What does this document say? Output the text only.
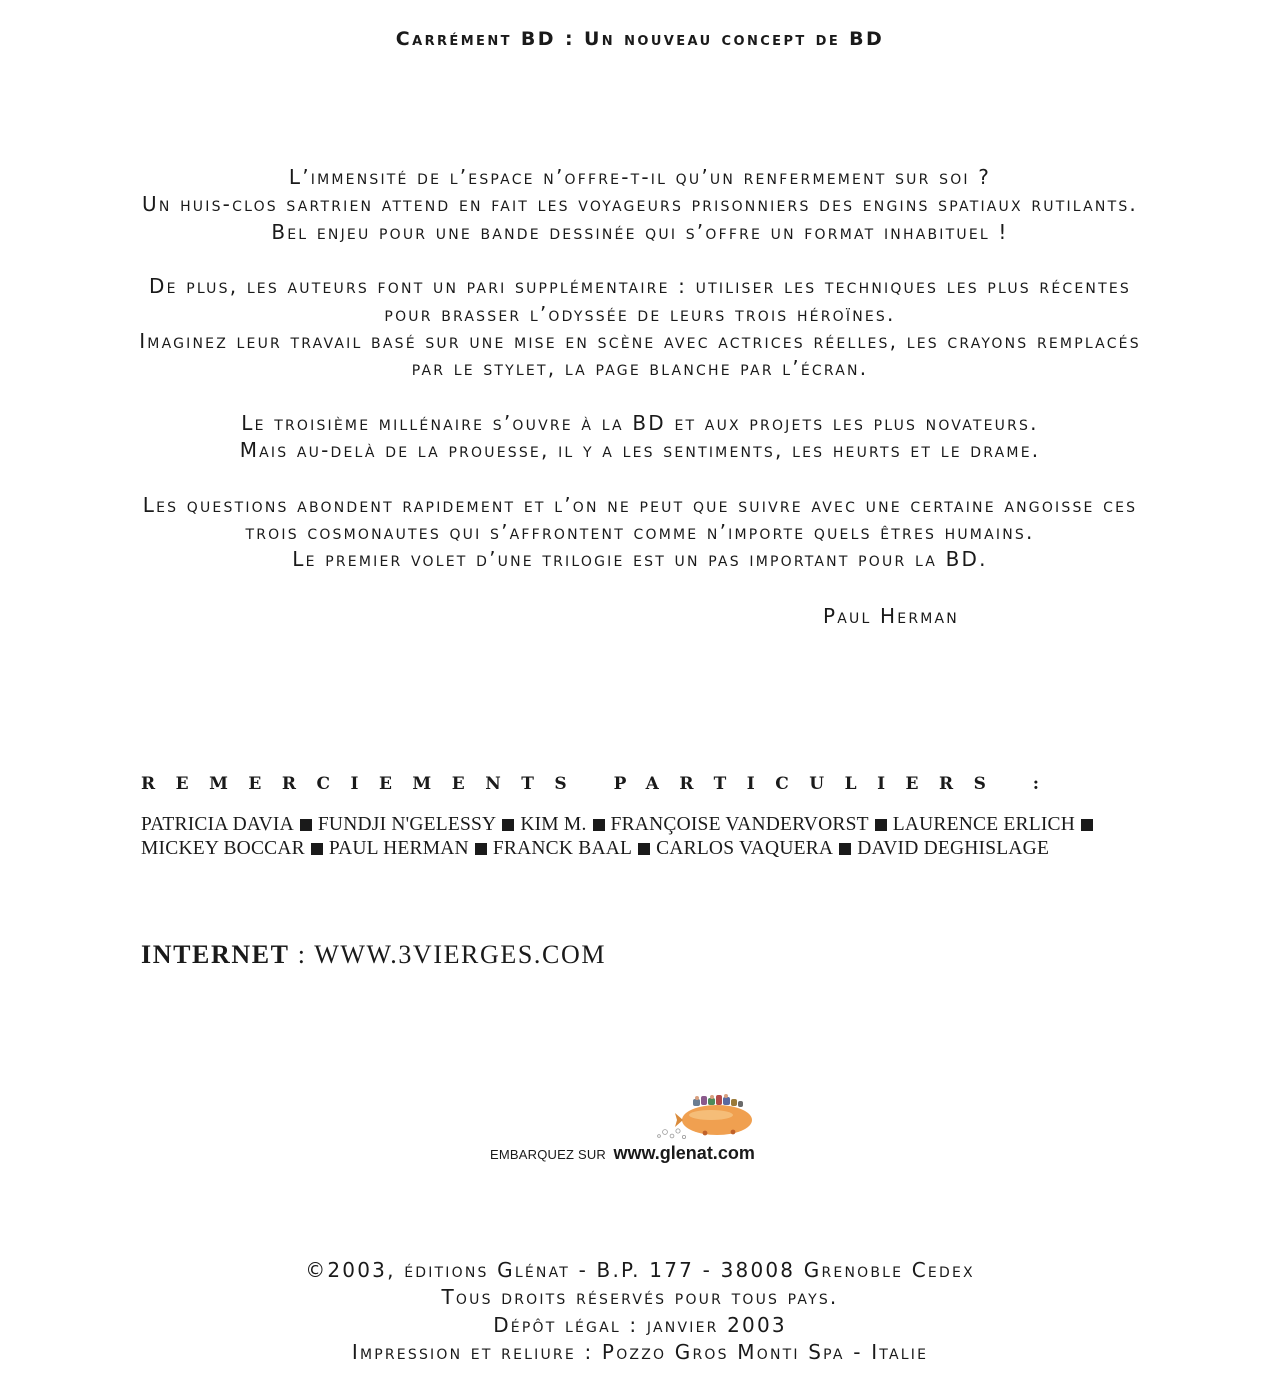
Carrément BD : Un nouveau concept de BD
L’immensité de l’espace n’offre-t-il qu’un renfermement sur soi ?
Un huis-clos sartrien attend en fait les voyageurs prisonniers des engins spatiaux rutilants.
Bel enjeu pour une bande dessinée qui s’offre un format inhabituel !
De plus, les auteurs font un pari supplémentaire : utiliser les techniques les plus récentes
pour brasser l’odyssée de leurs trois héroïnes.
Imaginez leur travail basé sur une mise en scène avec actrices réelles, les crayons remplacés
par le stylet, la page blanche par l’écran.
Le troisième millénaire s’ouvre à la BD et aux projets les plus novateurs.
Mais au-delà de la prouesse, il y a les sentiments, les heurts et le drame.
Les questions abondent rapidement et l’on ne peut que suivre avec une certaine angoisse ces
trois cosmonautes qui s’affrontent comme n’importe quels êtres humains.
Le premier volet d’une trilogie est un pas important pour la BD.
Paul Herman
REMERCIEMENTS PARTICULIERS :
PATRICIA DAVIA FUNDJI N'GELESSY KIM M. FRANÇOISE VANDERVORST LAURENCE ERLICH
MICKEY BOCCAR PAUL HERMAN FRANCK BAAL CARLOS VAQUERA DAVID DEGHISLAGE
INTERNET : WWW.3VIERGES.COM
EMBARQUEZ SUR www.glenat.com
©2003, éditions Glénat - B.P. 177 - 38008 Grenoble Cedex
Tous droits réservés pour tous pays.
Dépôt légal : janvier 2003
Impression et reliure : Pozzo Gros Monti Spa - Italie
